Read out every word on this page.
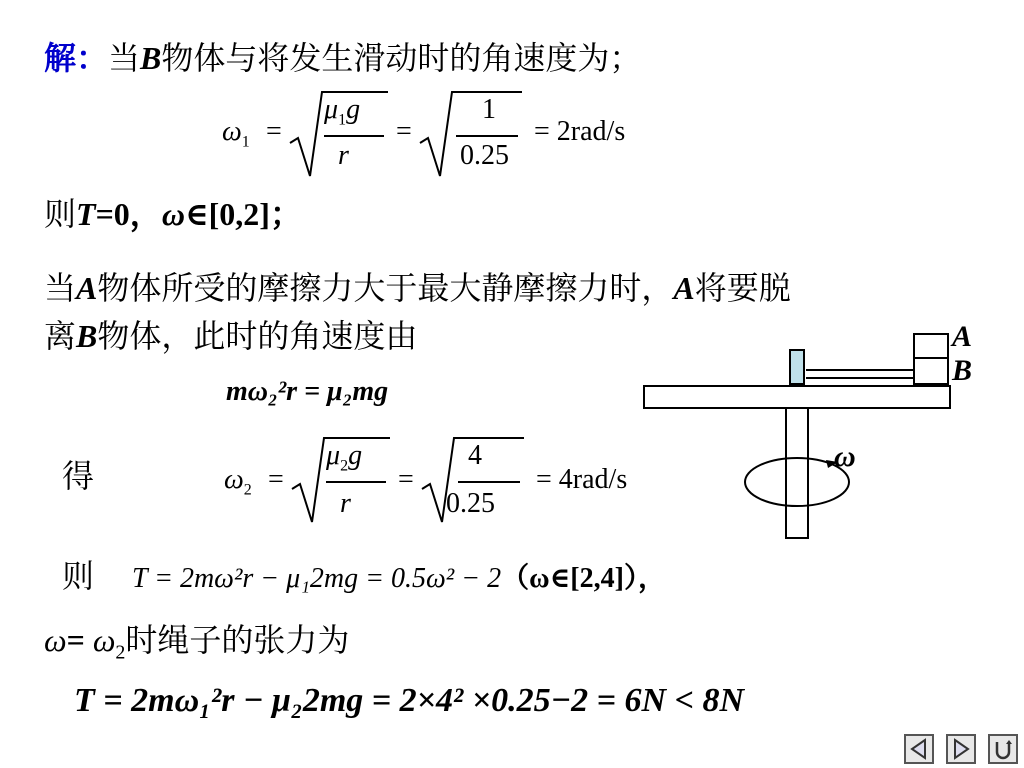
解：当B物体与将发生滑动时的角速度为；
$\omega_1$ =
$\mu_1g$
r
=
1
0.25
= 2rad/s
则T=0，ω∈[0,2]；
当A物体所受的摩擦力大于最大静摩擦力时，A将要脱
离B物体，此时的角速度由
mω₂²r = μ₂mg
得	$\omega_2$ =
$\mu_2g$
r
=
4
0.25
= 4rad/s
则 T = 2mω²r − μ₁2mg = 0.5ω² − 2（ω∈[2,4]），
$\omega= \omega_2$时绳子的张力为
T = 2mω₁²r − μ₂2mg = 2×4² ×0.25−2 = 6N < 8N
A
B
ω
